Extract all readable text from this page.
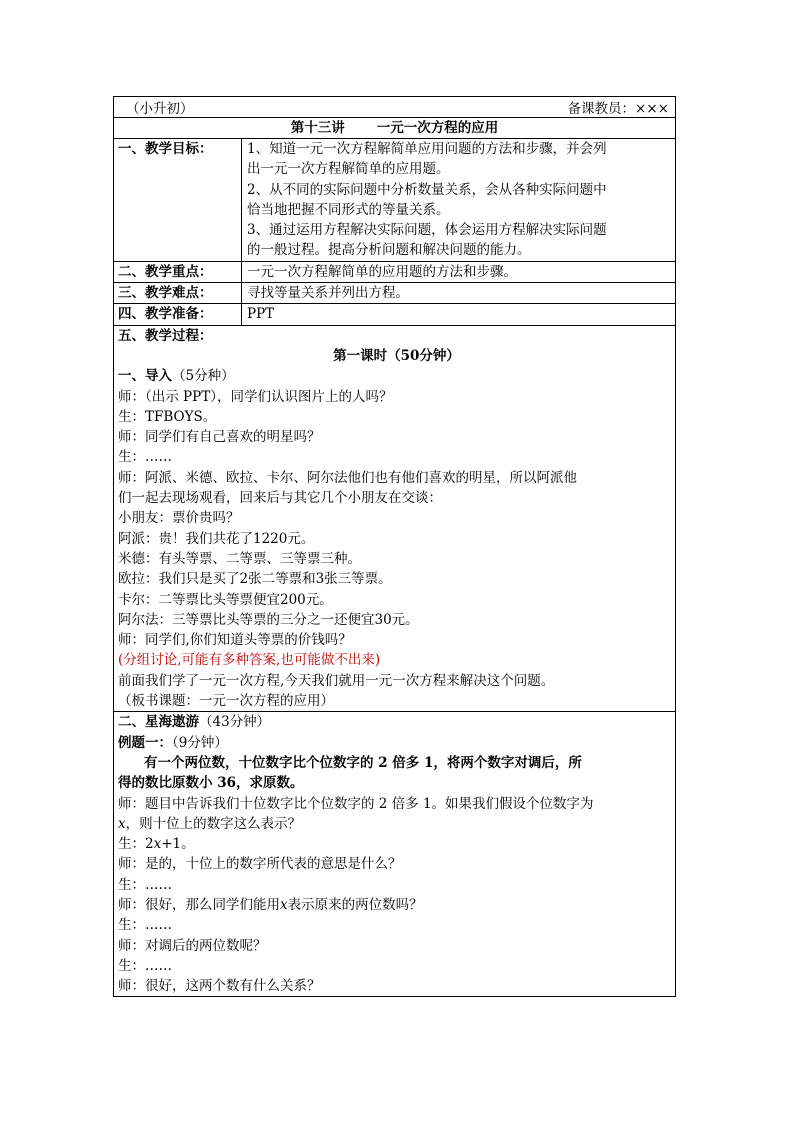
（小升初）	备课教员：×××
第十三讲 一元一次方程的应用
一、教学目标：	1、知道一元一次方程解简单应用问题的方法和步骤，并会列
出一元一次方程解简单的应用题。
2、从不同的实际问题中分析数量关系，会从各种实际问题中
恰当地把握不同形式的等量关系。
3、通过运用方程解决实际问题，体会运用方程解决实际问题
的一般过程。提高分析问题和解决问题的能力。
二、教学重点：	一元一次方程解简单的应用题的方法和步骤。
三、教学难点：	寻找等量关系并列出方程。
四、教学准备：	PPT
五、教学过程：
第一课时（50分钟）
一、导入（5分种）
师：（出示 PPT），同学们认识图片上的人吗？
生：TFBOYS。
师：同学们有自己喜欢的明星吗？
生：……
师：阿派、米德、欧拉、卡尔、阿尔法他们也有他们喜欢的明星，所以阿派他
们一起去现场观看，回来后与其它几个小朋友在交谈：
小朋友：票价贵吗？
阿派：贵！我们共花了1220元。
米德：有头等票、二等票、三等票三种。
欧拉：我们只是买了2张二等票和3张三等票。
卡尔：二等票比头等票便宜200元。
阿尔法：三等票比头等票的三分之一还便宜30元。
师：同学们,你们知道头等票的价钱吗？
(分组讨论,可能有多种答案,也可能做不出来)
前面我们学了一元一次方程,今天我们就用一元一次方程来解决这个问题。
（板书课题：一元一次方程的应用）
二、星海遨游（43分钟）
例题一：（9分钟）
有一个两位数，十位数字比个位数字的 2 倍多 1，将两个数字对调后，所
得的数比原数小 36，求原数。
师：题目中告诉我们十位数字比个位数字的 2 倍多 1。如果我们假设个位数字为
x，则十位上的数字这么表示？
生：2x+1。
师：是的，十位上的数字所代表的意思是什么？
生：……
师：很好，那么同学们能用x表示原来的两位数吗？
生：……
师：对调后的两位数呢？
生：……
师：很好，这两个数有什么关系？
